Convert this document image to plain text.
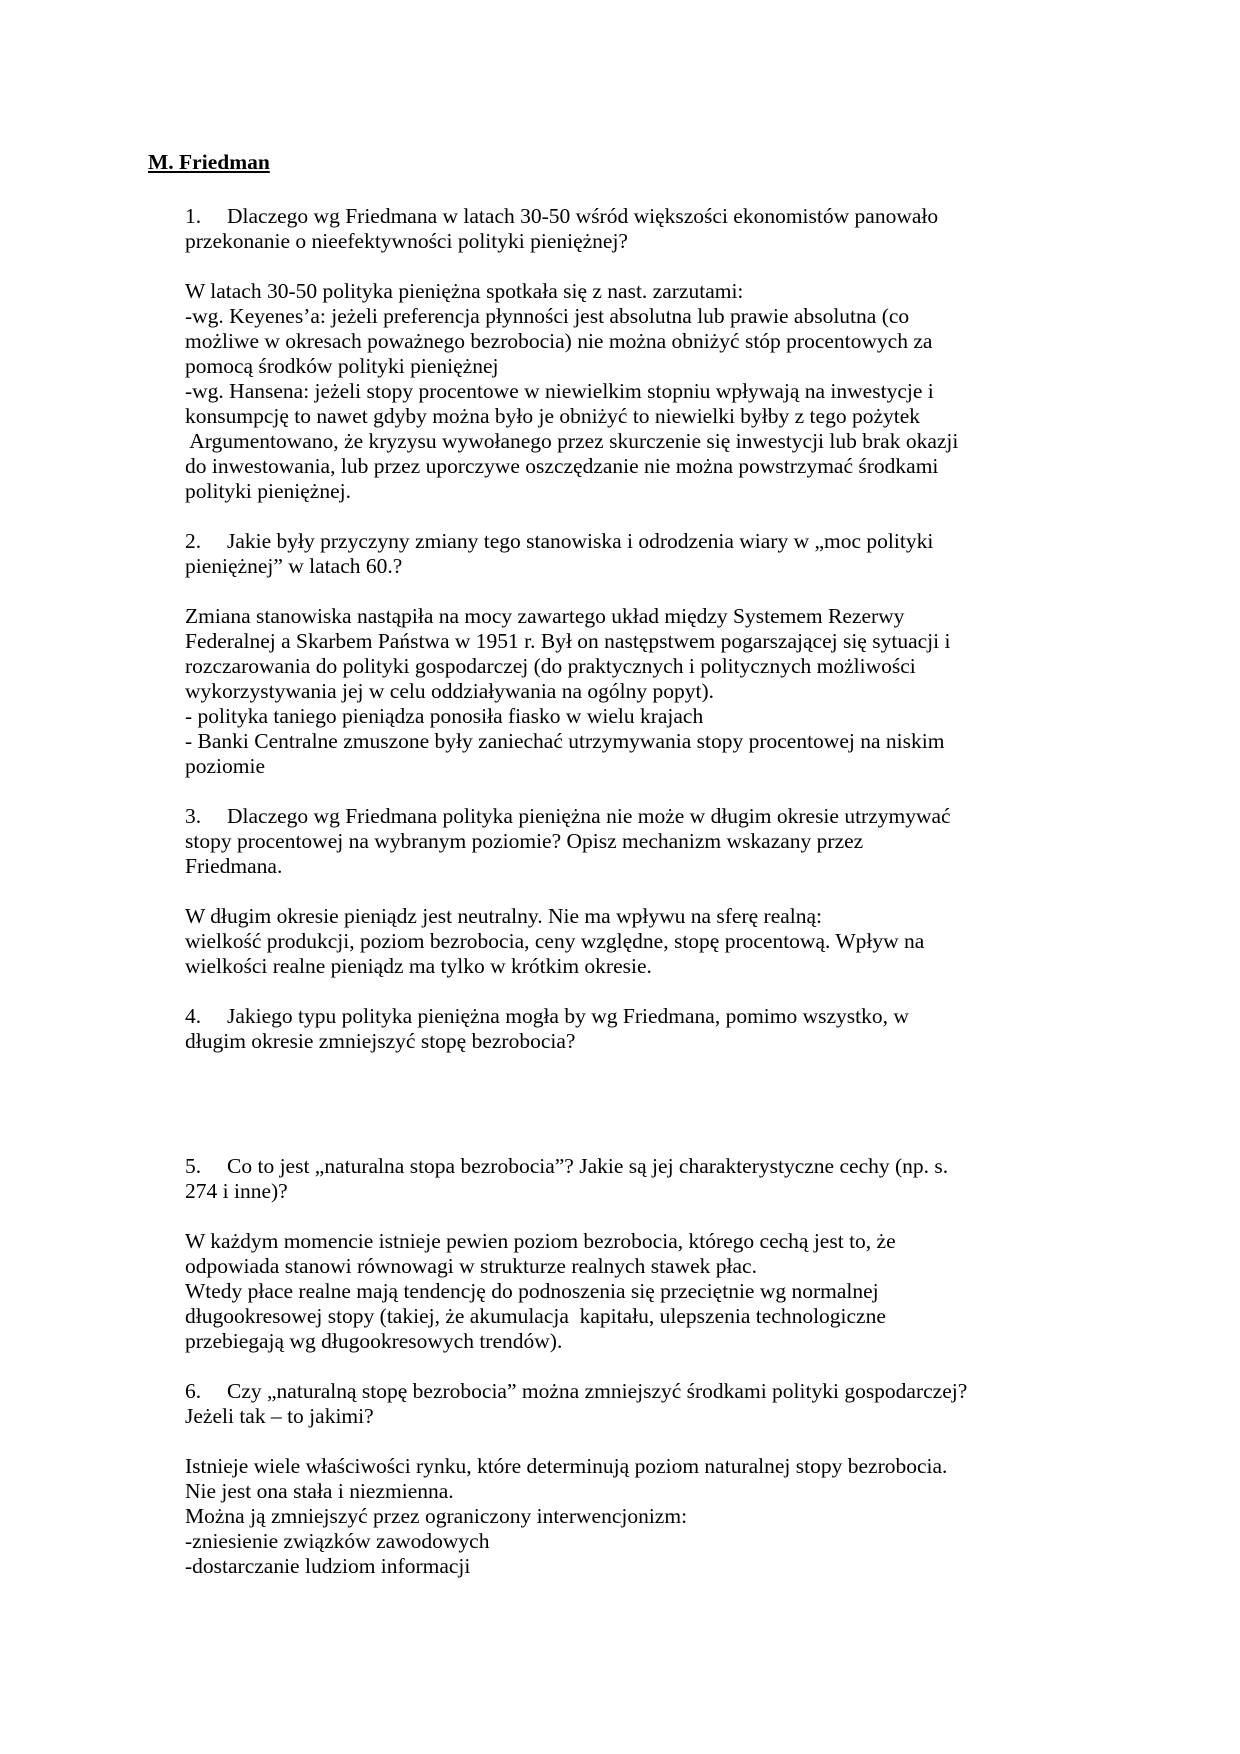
M. Friedman
1. Dlaczego wg Friedmana w latach 30-50 wśród większości ekonomistów panowało
przekonanie o nieefektywności polityki pieniężnej?
W latach 30-50 polityka pieniężna spotkała się z nast. zarzutami:
-wg. Keyenes’a: jeżeli preferencja płynności jest absolutna lub prawie absolutna (co
możliwe w okresach poważnego bezrobocia) nie można obniżyć stóp procentowych za
pomocą środków polityki pieniężnej
-wg. Hansena: jeżeli stopy procentowe w niewielkim stopniu wpływają na inwestycje i
konsumpcję to nawet gdyby można było je obniżyć to niewielki byłby z tego pożytek
Argumentowano, że kryzysu wywołanego przez skurczenie się inwestycji lub brak okazji
do inwestowania, lub przez uporczywe oszczędzanie nie można powstrzymać środkami
polityki pieniężnej.
2. Jakie były przyczyny zmiany tego stanowiska i odrodzenia wiary w „moc polityki
pieniężnej” w latach 60.?
Zmiana stanowiska nastąpiła na mocy zawartego układ między Systemem Rezerwy
Federalnej a Skarbem Państwa w 1951 r. Był on następstwem pogarszającej się sytuacji i
rozczarowania do polityki gospodarczej (do praktycznych i politycznych możliwości
wykorzystywania jej w celu oddziaływania na ogólny popyt).
- polityka taniego pieniądza ponosiła fiasko w wielu krajach
- Banki Centralne zmuszone były zaniechać utrzymywania stopy procentowej na niskim
poziomie
3. Dlaczego wg Friedmana polityka pieniężna nie może w długim okresie utrzymywać
stopy procentowej na wybranym poziomie? Opisz mechanizm wskazany przez
Friedmana.
W długim okresie pieniądz jest neutralny. Nie ma wpływu na sferę realną:
wielkość produkcji, poziom bezrobocia, ceny względne, stopę procentową. Wpływ na
wielkości realne pieniądz ma tylko w krótkim okresie.
4. Jakiego typu polityka pieniężna mogła by wg Friedmana, pomimo wszystko, w
długim okresie zmniejszyć stopę bezrobocia?
5. Co to jest „naturalna stopa bezrobocia”? Jakie są jej charakterystyczne cechy (np. s.
274 i inne)?
W każdym momencie istnieje pewien poziom bezrobocia, którego cechą jest to, że
odpowiada stanowi równowagi w strukturze realnych stawek płac.
Wtedy płace realne mają tendencję do podnoszenia się przeciętnie wg normalnej
długookresowej stopy (takiej, że akumulacja  kapitału, ulepszenia technologiczne
przebiegają wg długookresowych trendów).
6. Czy „naturalną stopę bezrobocia” można zmniejszyć środkami polityki gospodarczej?
Jeżeli tak – to jakimi?
Istnieje wiele właściwości rynku, które determinują poziom naturalnej stopy bezrobocia.
Nie jest ona stała i niezmienna.
Można ją zmniejszyć przez ograniczony interwencjonizm:
-zniesienie związków zawodowych
-dostarczanie ludziom informacji
